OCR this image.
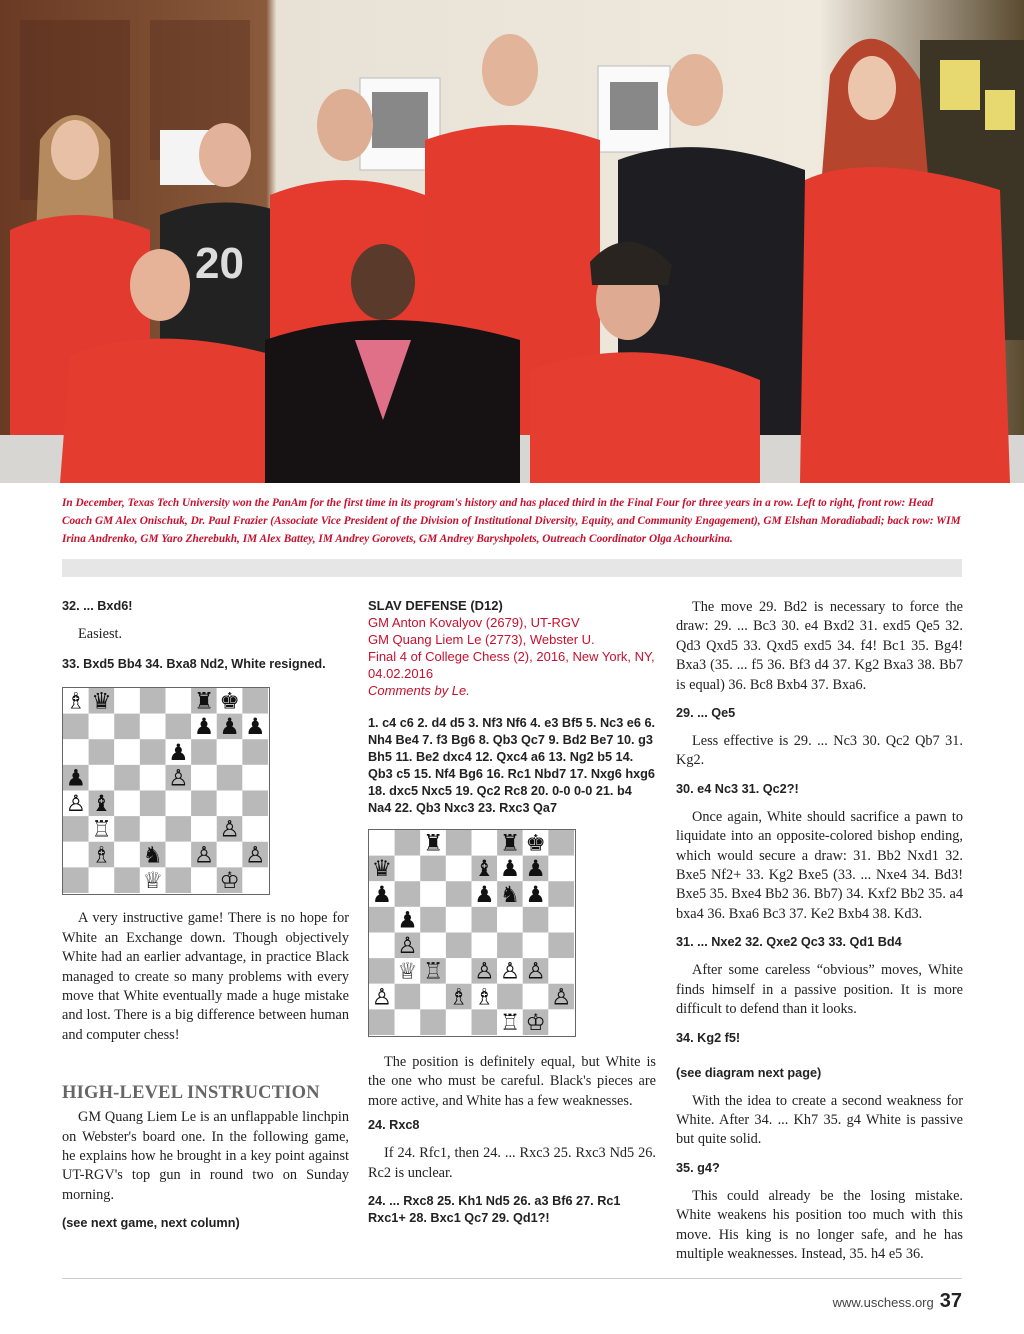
20
In December, Texas Tech University won the PanAm for the first time in its program's history and has placed third in the Final Four for three years in a row. Left to right, front row: Head Coach GM Alex Onischuk, Dr. Paul Frazier (Associate Vice President of the Division of Institutional Diversity, Equity, and Community Engagement), GM Elshan Moradiabadi; back row: WIM Irina Andrenko, GM Yaro Zherebukh, IM Alex Battey, IM Andrey Gorovets, GM Andrey Baryshpolets, Outreach Coordinator Olga Achourkina.
32. ... Bxd6!
Easiest.
33. Bxd5 Bb4 34. Bxa8 Nd2, White resigned.
♗ ♛	♜ ♚
♟ ♟ ♟
♟
♟	♙
♙ ♝
♖	♙
♗ ♞ ♙ ♙
♕	♔
A very instructive game! There is no hope for White an Exchange down. Though objectively White had an earlier advantage, in practice Black managed to create so many problems with every move that White eventually made a huge mistake and lost. There is a big difference between human and computer chess!
HIGH-LEVEL INSTRUCTION
GM Quang Liem Le is an unflappable linchpin on Webster's board one. In the following game, he explains how he brought in a key point against UT-RGV's top gun in round two on Sunday morning.
(see next game, next column)
SLAV DEFENSE (D12)
GM Anton Kovalyov (2679), UT-RGV
GM Quang Liem Le (2773), Webster U.
Final 4 of College Chess (2), 2016, New York, NY, 04.02.2016
Comments by Le.
1. c4 c6 2. d4 d5 3. Nf3 Nf6 4. e3 Bf5 5. Nc3 e6 6. Nh4 Be4 7. f3 Bg6 8. Qb3 Qc7 9. Bd2 Be7 10. g3 Bh5 11. Be2 dxc4 12. Qxc4 a6 13. Ng2 b5 14. Qb3 c5 15. Nf4 Bg6 16. Rc1 Nbd7 17. Nxg6 hxg6 18. dxc5 Nxc5 19. Qc2 Rc8 20. 0-0 0-0 21. b4 Na4 22. Qb3 Nxc3 23. Rxc3 Qa7
♜	♜ ♚
♛	♝ ♟ ♟
♟	♟ ♞ ♟
♟
♙
♕ ♖ ♙ ♙ ♙
♙	♗ ♗	♙
♖ ♔
The position is definitely equal, but White is the one who must be careful. Black's pieces are more active, and White has a few weaknesses.
24. Rxc8
If 24. Rfc1, then 24. ... Rxc3 25. Rxc3 Nd5 26. Rc2 is unclear.
24. ... Rxc8 25. Kh1 Nd5 26. a3 Bf6 27. Rc1 Rxc1+ 28. Bxc1 Qc7 29. Qd1?!
The move 29. Bd2 is necessary to force the draw: 29. ... Bc3 30. e4 Bxd2 31. exd5 Qe5 32. Qd3 Qxd5 33. Qxd5 exd5 34. f4! Bc1 35. Bg4! Bxa3 (35. ... f5 36. Bf3 d4 37. Kg2 Bxa3 38. Bb7 is equal) 36. Bc8 Bxb4 37. Bxa6.
29. ... Qe5
Less effective is 29. ... Nc3 30. Qc2 Qb7 31. Kg2.
30. e4 Nc3 31. Qc2?!
Once again, White should sacrifice a pawn to liquidate into an opposite-colored bishop ending, which would secure a draw: 31. Bb2 Nxd1 32. Bxe5 Nf2+ 33. Kg2 Bxe5 (33. ... Nxe4 34. Bd3! Bxe5 35. Bxe4 Bb2 36. Bb7) 34. Kxf2 Bb2 35. a4 bxa4 36. Bxa6 Bc3 37. Ke2 Bxb4 38. Kd3.
31. ... Nxe2 32. Qxe2 Qc3 33. Qd1 Bd4
After some careless “obvious” moves, White finds himself in a passive position. It is more difficult to defend than it looks.
34. Kg2 f5!
(see diagram next page)
With the idea to create a second weakness for White. After 34. ... Kh7 35. g4 White is passive but quite solid.
35. g4?
This could already be the losing mistake. White weakens his position too much with this move. His king is no longer safe, and he has multiple weaknesses. Instead, 35. h4 e5 36.
www.uschess.org 37
